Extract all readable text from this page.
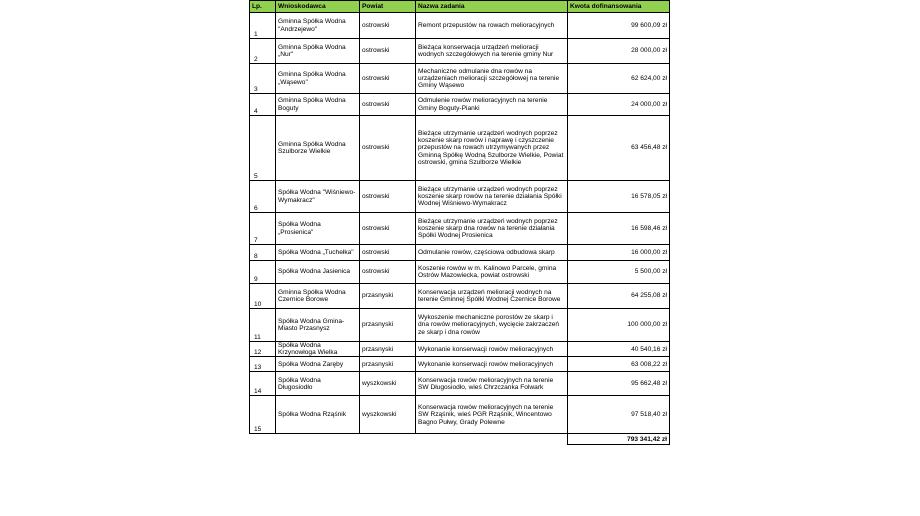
Lp.	Wnioskodawca	Powiat	Nazwa zadania	Kwota dofinansowania
1	Gminna Spółka Wodna "Andrzejewo"	ostrowski	Remont przepustów na rowach melioracyjnych	99 600,09 zł
2	Gminna Spółka Wodna „Nur"	ostrowski	Bieżąca konserwacja urządzeń melioracji wodnych szczegółowych na terenie gminy Nur	28 000,00 zł
3	Gminna Spółka Wodna „Wąsewo"	ostrowski	Mechaniczne odmulanie dna rowów na urządzeniach melioracji szczegółowej na terenie Gminy Wąsewo	62 624,00 zł
4	Gminna Spółka Wodna Boguty	ostrowski	Odmulenie rowów melioracyjnych na terenie Gminy Boguty-Pianki	24 000,00 zł
5	Gminna Spółka Wodna Szulborze Wielkie	ostrowski	Bieżące utrzymanie urządzeń wodnych poprzez koszenie skarp rowów i naprawę i czyszczenie przepustów na rowach utrzymywanych przez Gminną Spółkę Wodną Szulborze Wielkie, Powiat ostrowski, gmina Szulborze Wielkie	63 456,48 zł
6	Spółka Wodna "Wiśniewo-Wymakracz"	ostrowski	Bieżące utrzymanie urządzeń wodnych poprzez koszenie skarp rowów na terenie działania Spółki Wodnej Wiśniewo-Wymakracz	16 578,05 zł
7	Spółka Wodna „Prosienica"	ostrowski	Bieżące utrzymanie urządzeń wodnych poprzez koszenie skarp dna rowów na terenie działania Spółki Wodnej Prosienica	16 598,46 zł
8	Spółka Wodna „Tuchełka"	ostrowski	Odmulanie rowów, częściowa odbudowa skarp	16 000,00 zł
9	Spółka Wodna Jasienica	ostrowski	Koszenie rowów w m. Kalinowo Parcele, gmina Ostrów Mazowiecka, powiat ostrowski	5 500,00 zł
10	Gminna Spółka Wodna Czernice Borowe	przasnyski	Konserwacja urządzeń melioracji wodnych na terenie Gminnej Spółki Wodnej Czernice Borowe	64 255,08 zł
11	Spółka Wodna Gmina-Miasto Przasnysz	przasnyski	Wykoszenie mechaniczne porostów ze skarp i dna rowów melioracyjnych, wycięcie zakrzaczeń ze skarp i dna rowów	100 000,00 zł
12	Spółka Wodna Krzynowłoga Wielka	przasnyski	Wykonanie konserwacji rowów melioracyjnych	40 540,16 zł
13	Spółka Wodna Zaręby	przasnyski	Wykonanie konserwacji rowów melioracyjnych	63 008,22 zł
14	Spółka Wodna Długosiodło	wyszkowski	Konserwacja rowów melioracyjnych na terenie SW Długosiodło, wieś Chrzczanka Folwark	95 662,48 zł
15	Spółka Wodna Rząśnik	wyszkowski	Konserwacja rowów melioracyjnych na terenie SW Rząśnik, wieś PGR Rząśnik, Wincentowo Bagno Pułwy, Grady Polewne	97 518,40 zł
				793 341,42 zł
